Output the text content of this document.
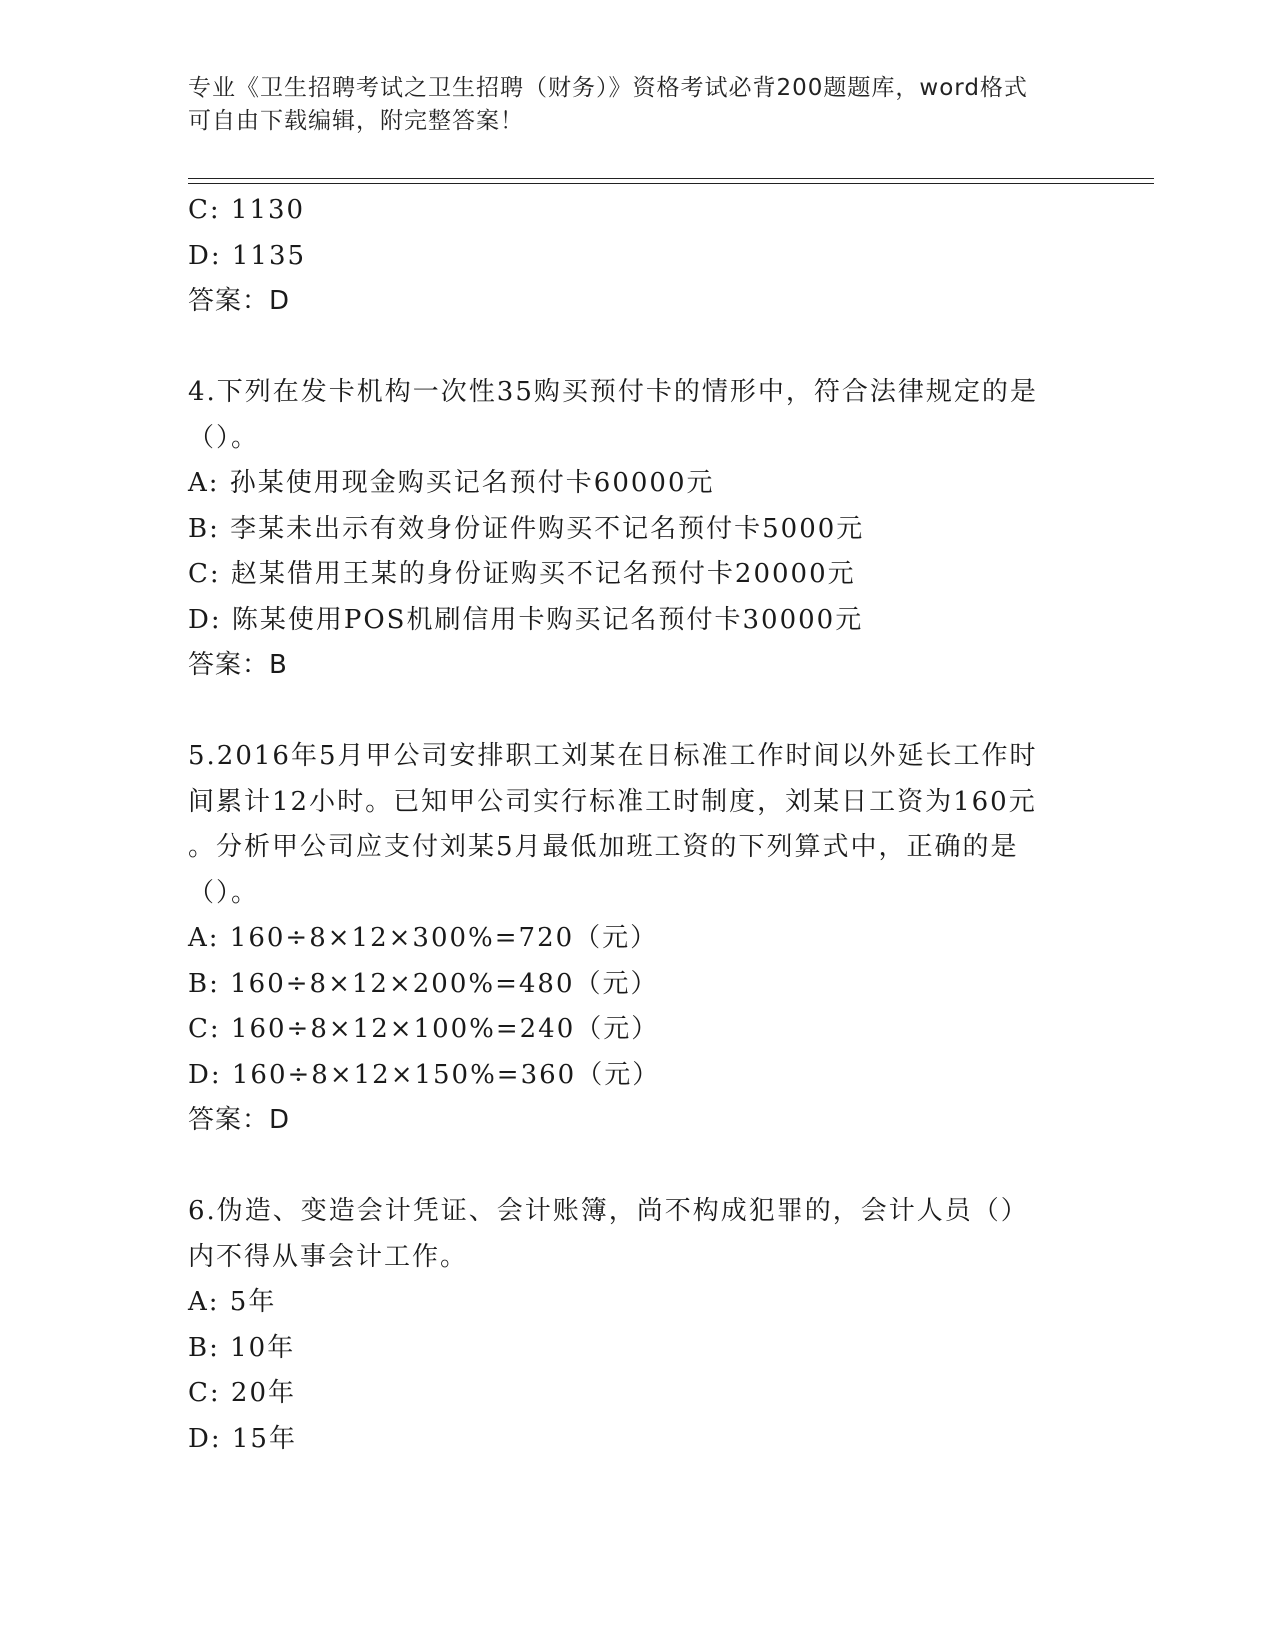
专业《卫生招聘考试之卫生招聘（财务）》资格考试必背200题题库，word格式
可自由下载编辑，附完整答案！
C: 1130
D: 1135
答案：D
4.下列在发卡机构一次性35购买预付卡的情形中，符合法律规定的是
（）。
A: 孙某使用现金购买记名预付卡60000元
B: 李某未出示有效身份证件购买不记名预付卡5000元
C: 赵某借用王某的身份证购买不记名预付卡20000元
D: 陈某使用POS机刷信用卡购买记名预付卡30000元
答案：B
5.2016年5月甲公司安排职工刘某在日标准工作时间以外延长工作时
间累计12小时。已知甲公司实行标准工时制度，刘某日工资为160元
。分析甲公司应支付刘某5月最低加班工资的下列算式中，正确的是
（）。
A: 160÷8×12×300%=720（元）
B: 160÷8×12×200%=480（元）
C: 160÷8×12×100%=240（元）
D: 160÷8×12×150%=360（元）
答案：D
6.伪造、变造会计凭证、会计账簿，尚不构成犯罪的，会计人员（）
内不得从事会计工作。
A: 5年
B: 10年
C: 20年
D: 15年
